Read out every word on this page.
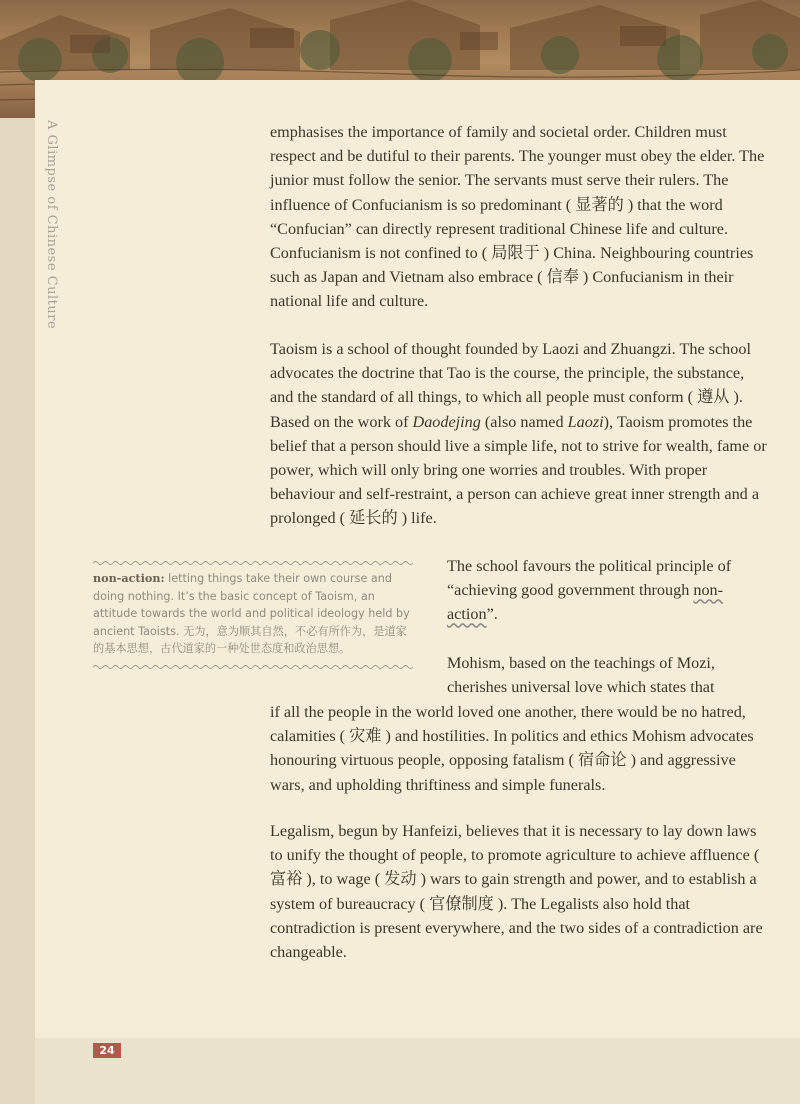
A Glimpse of Chinese Culture	emphasises the importance of family and societal order. Children must respect and be dutiful to their parents. The younger must obey the elder. The junior must follow the senior. The servants must serve their rulers. The influence of Confucianism is so predominant ( 显著的 ) that the word “Confucian” can directly represent traditional Chinese life and culture. Confucianism is not confined to ( 局限于 ) China. Neighbouring countries such as Japan and Vietnam also embrace ( 信奉 ) Confucianism in their national life and culture.

Taoism is a school of thought founded by Laozi and Zhuangzi. The school advocates the doctrine that Tao is the course, the principle, the substance, and the standard of all things, to which all people must conform ( 遵从 ). Based on the work of Daodejing (also named Laozi), Taoism promotes the belief that a person should live a simple life, not to strive for wealth, fame or power, which will only bring one worries and troubles. With proper behaviour and self-restraint, a person can achieve great inner strength and a prolonged ( 延长的 ) life.

non-action: letting things take their own course and doing nothing. It’s the basic concept of Taoism, an attitude towards the world and political ideology held by ancient Taoists. 无为，意为顺其自然，不必有所作为，是道家的基本思想，古代道家的一种处世态度和政治思想。

The school favours the political principle of “achieving good government through non-action”.

Mohism, based on the teachings of Mozi, cherishes universal love which states that

if all the people in the world loved one another, there would be no hatred, calamities ( 灾难 ) and hostilities. In politics and ethics Mohism advocates honouring virtuous people, opposing fatalism ( 宿命论 ) and aggressive wars, and upholding thriftiness and simple funerals.

Legalism, begun by Hanfeizi, believes that it is necessary to lay down laws to unify the thought of people, to promote agriculture to achieve affluence ( 富裕 ), to wage ( 发动 ) wars to gain strength and power, and to establish a system of bureaucracy ( 官僚制度 ). The Legalists also hold that contradiction is present everywhere, and the two sides of a contradiction are changeable.

24
